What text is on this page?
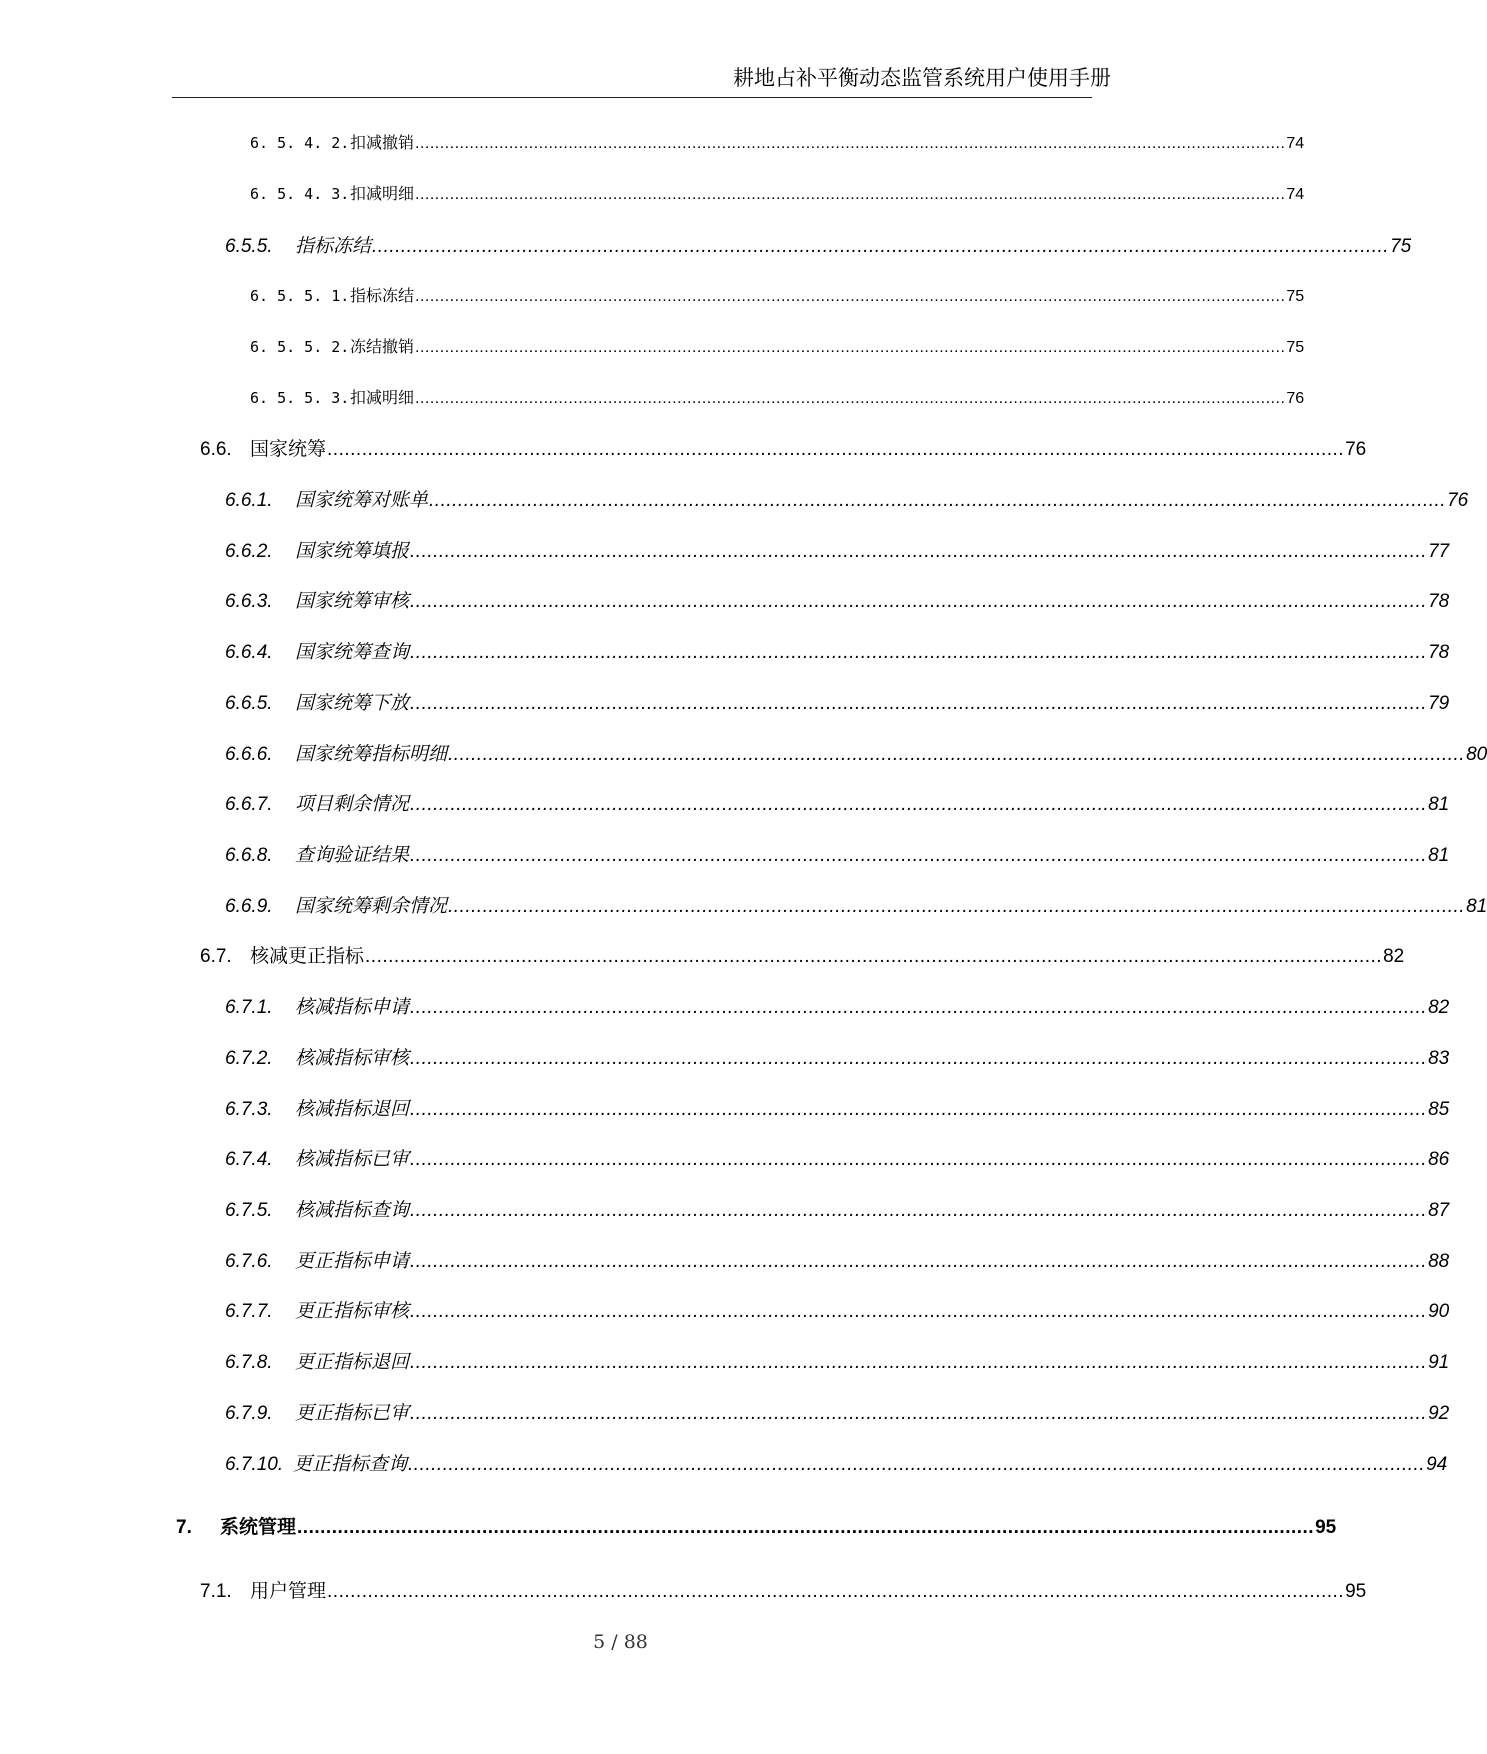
耕地占补平衡动态监管系统用户使用手册
6. 5. 4. 2. 扣减撤销 ................................................................................................................................................................................ 74
6. 5. 4. 3. 扣减明细 ................................................................................................................................................................................ 74
6.5.5.	指标冻结 ................................................................................................................................................................................ 75
6. 5. 5. 1. 指标冻结 ................................................................................................................................................................................ 75
6. 5. 5. 2. 冻结撤销 ................................................................................................................................................................................ 75
6. 5. 5. 3. 扣减明细 ................................................................................................................................................................................ 76
6.6. 国家统筹 ................................................................................................................................................................................ 76
6.6.1.	国家统筹对账单 ................................................................................................................................................................................ 76
6.6.2.	国家统筹填报 ................................................................................................................................................................................ 77
6.6.3.	国家统筹审核 ................................................................................................................................................................................ 78
6.6.4.	国家统筹查询 ................................................................................................................................................................................ 78
6.6.5.	国家统筹下放 ................................................................................................................................................................................ 79
6.6.6.	国家统筹指标明细 ................................................................................................................................................................................ 80
6.6.7.	项目剩余情况 ................................................................................................................................................................................ 81
6.6.8.	查询验证结果 ................................................................................................................................................................................ 81
6.6.9.	国家统筹剩余情况 ................................................................................................................................................................................ 81
6.7. 核减更正指标 ................................................................................................................................................................................ 82
6.7.1.	核减指标申请 ................................................................................................................................................................................ 82
6.7.2.	核减指标审核 ................................................................................................................................................................................ 83
6.7.3.	核减指标退回 ................................................................................................................................................................................ 85
6.7.4.	核减指标已审 ................................................................................................................................................................................ 86
6.7.5.	核减指标查询 ................................................................................................................................................................................ 87
6.7.6.	更正指标申请 ................................................................................................................................................................................ 88
6.7.7.	更正指标审核 ................................................................................................................................................................................ 90
6.7.8.	更正指标退回 ................................................................................................................................................................................ 91
6.7.9.	更正指标已审 ................................................................................................................................................................................ 92
6.7.10. 更正指标查询 ................................................................................................................................................................................ 94
7.	系统管理 ................................................................................................................................................................................ 95
7.1. 用户管理 ................................................................................................................................................................................ 95
5 / 88
